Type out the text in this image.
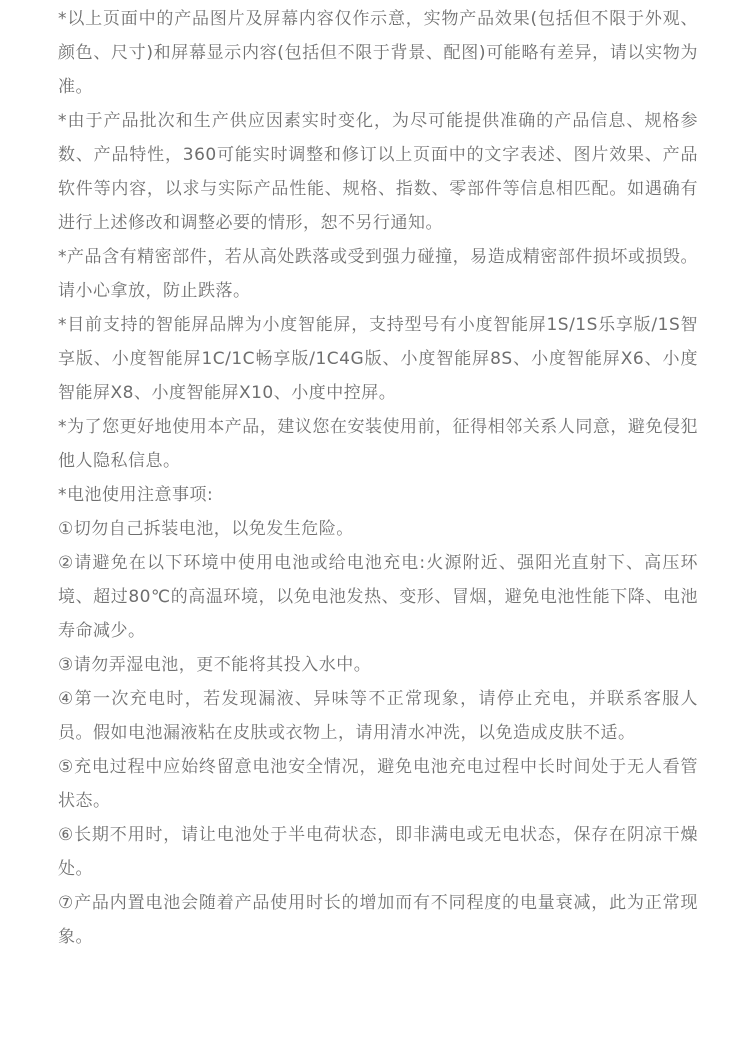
*以上页面中的产品图片及屏幕内容仅作示意，实物产品效果(包括但不限于外观、颜色、尺寸)和屏幕显示内容(包括但不限于背景、配图)可能略有差异，请以实物为准。

*由于产品批次和生产供应因素实时变化，为尽可能提供准确的产品信息、规格参数、产品特性，360可能实时调整和修订以上页面中的文字表述、图片效果、产品软件等内容，以求与实际产品性能、规格、指数、零部件等信息相匹配。如遇确有进行上述修改和调整必要的情形，恕不另行通知。

*产品含有精密部件，若从高处跌落或受到强力碰撞，易造成精密部件损坏或损毁。请小心拿放，防止跌落。

*目前支持的智能屏品牌为小度智能屏，支持型号有小度智能屏1S/1S乐享版/1S智享版、小度智能屏1C/1C畅享版/1C4G版、小度智能屏8S、小度智能屏X6、小度智能屏X8、小度智能屏X10、小度中控屏。

*为了您更好地使用本产品，建议您在安装使用前，征得相邻关系人同意，避免侵犯他人隐私信息。

*电池使用注意事项:

①切勿自己拆装电池，以免发生危险。

②请避免在以下环境中使用电池或给电池充电:火源附近、强阳光直射下、高压环境、超过80℃的高温环境，以免电池发热、变形、冒烟，避免电池性能下降、电池寿命减少。

③请勿弄湿电池，更不能将其投入水中。

④第一次充电时，若发现漏液、异味等不正常现象，请停止充电，并联系客服人员。假如电池漏液粘在皮肤或衣物上，请用清水冲洗，以免造成皮肤不适。

⑤充电过程中应始终留意电池安全情况，避免电池充电过程中长时间处于无人看管状态。

⑥长期不用时，请让电池处于半电荷状态，即非满电或无电状态，保存在阴凉干燥处。

⑦产品内置电池会随着产品使用时长的增加而有不同程度的电量衰减，此为正常现象。
